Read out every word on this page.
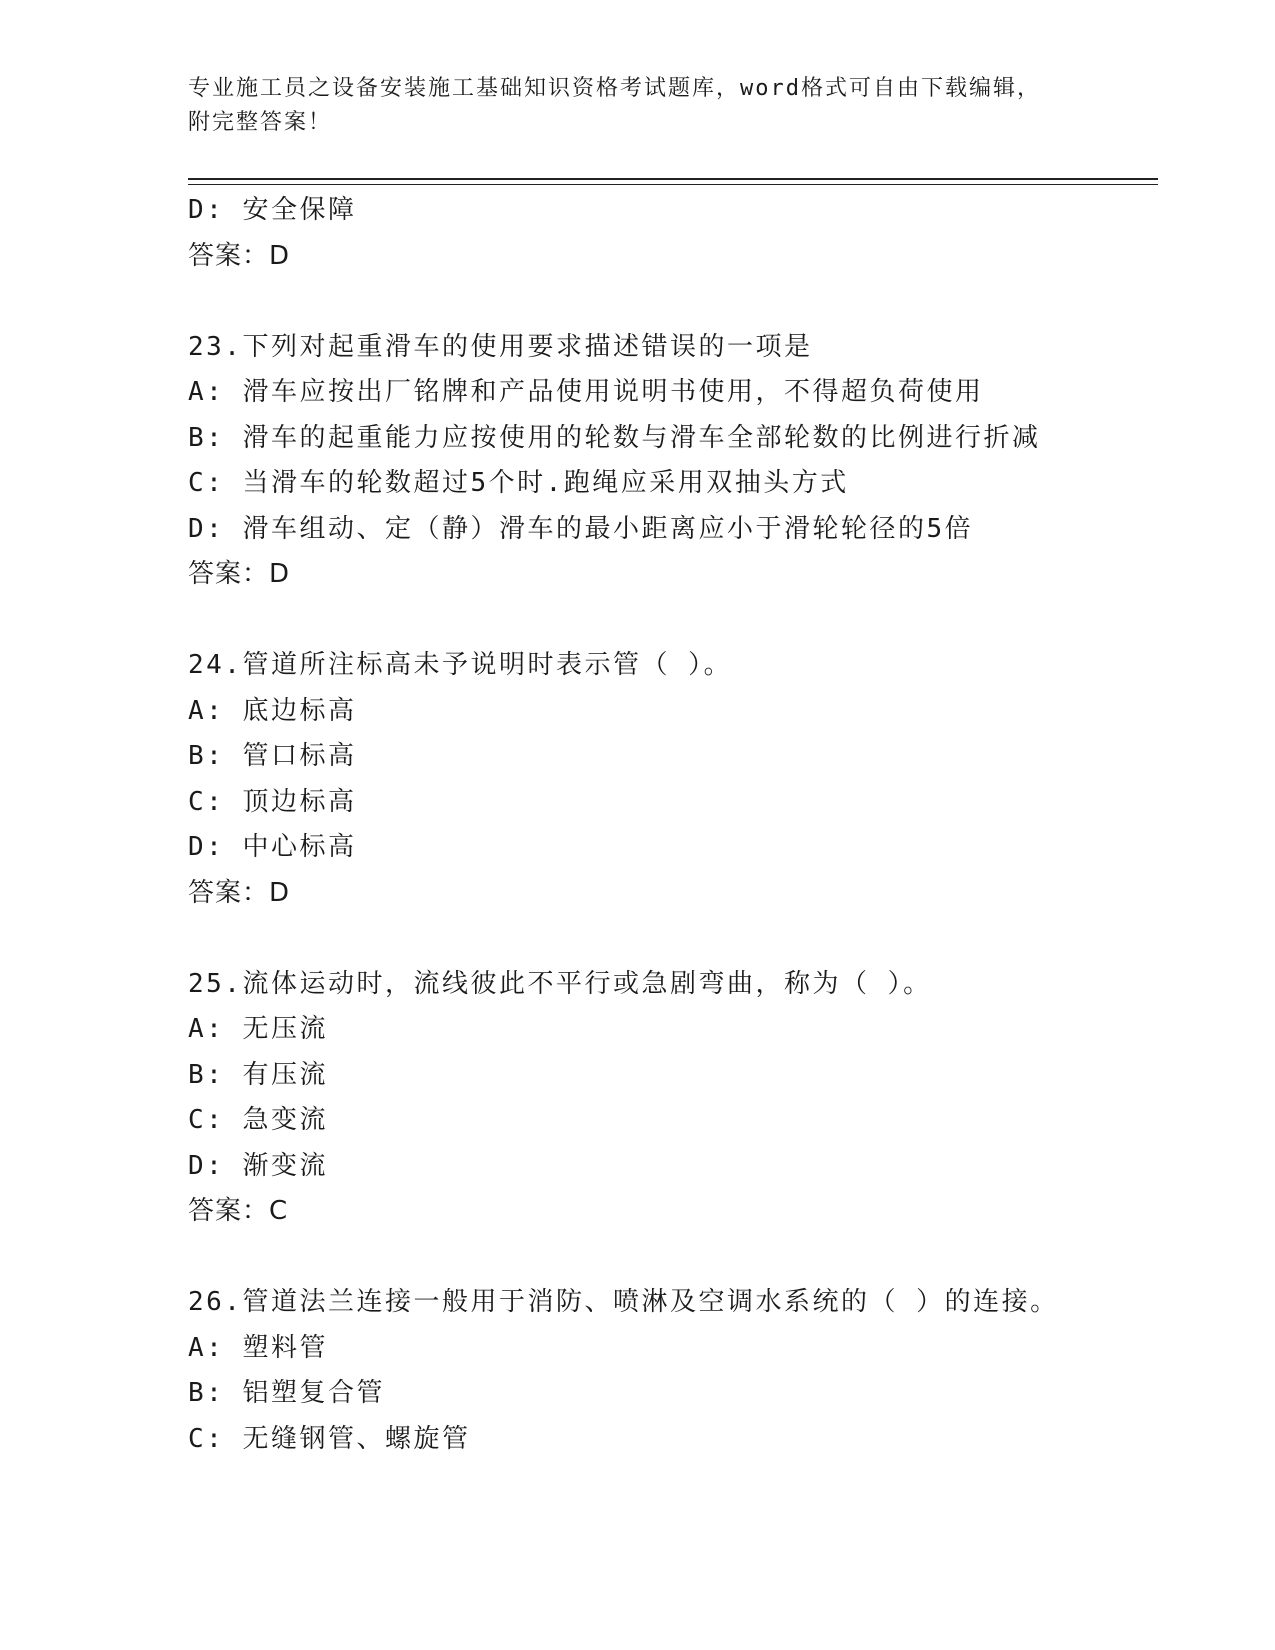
专业施工员之设备安装施工基础知识资格考试题库，word格式可自由下载编辑，
附完整答案！
D: 安全保障
答案：D
23.下列对起重滑车的使用要求描述错误的一项是
A: 滑车应按出厂铭牌和产品使用说明书使用，不得超负荷使用
B: 滑车的起重能力应按使用的轮数与滑车全部轮数的比例进行折减
C: 当滑车的轮数超过5个时.跑绳应采用双抽头方式
D: 滑车组动、定（静）滑车的最小距离应小于滑轮轮径的5倍
答案：D
24.管道所注标高未予说明时表示管（ ）。
A: 底边标高
B: 管口标高
C: 顶边标高
D: 中心标高
答案：D
25.流体运动时，流线彼此不平行或急剧弯曲，称为（ ）。
A: 无压流
B: 有压流
C: 急变流
D: 渐变流
答案：C
26.管道法兰连接一般用于消防、喷淋及空调水系统的（ ）的连接。
A: 塑料管
B: 铝塑复合管
C: 无缝钢管、螺旋管
